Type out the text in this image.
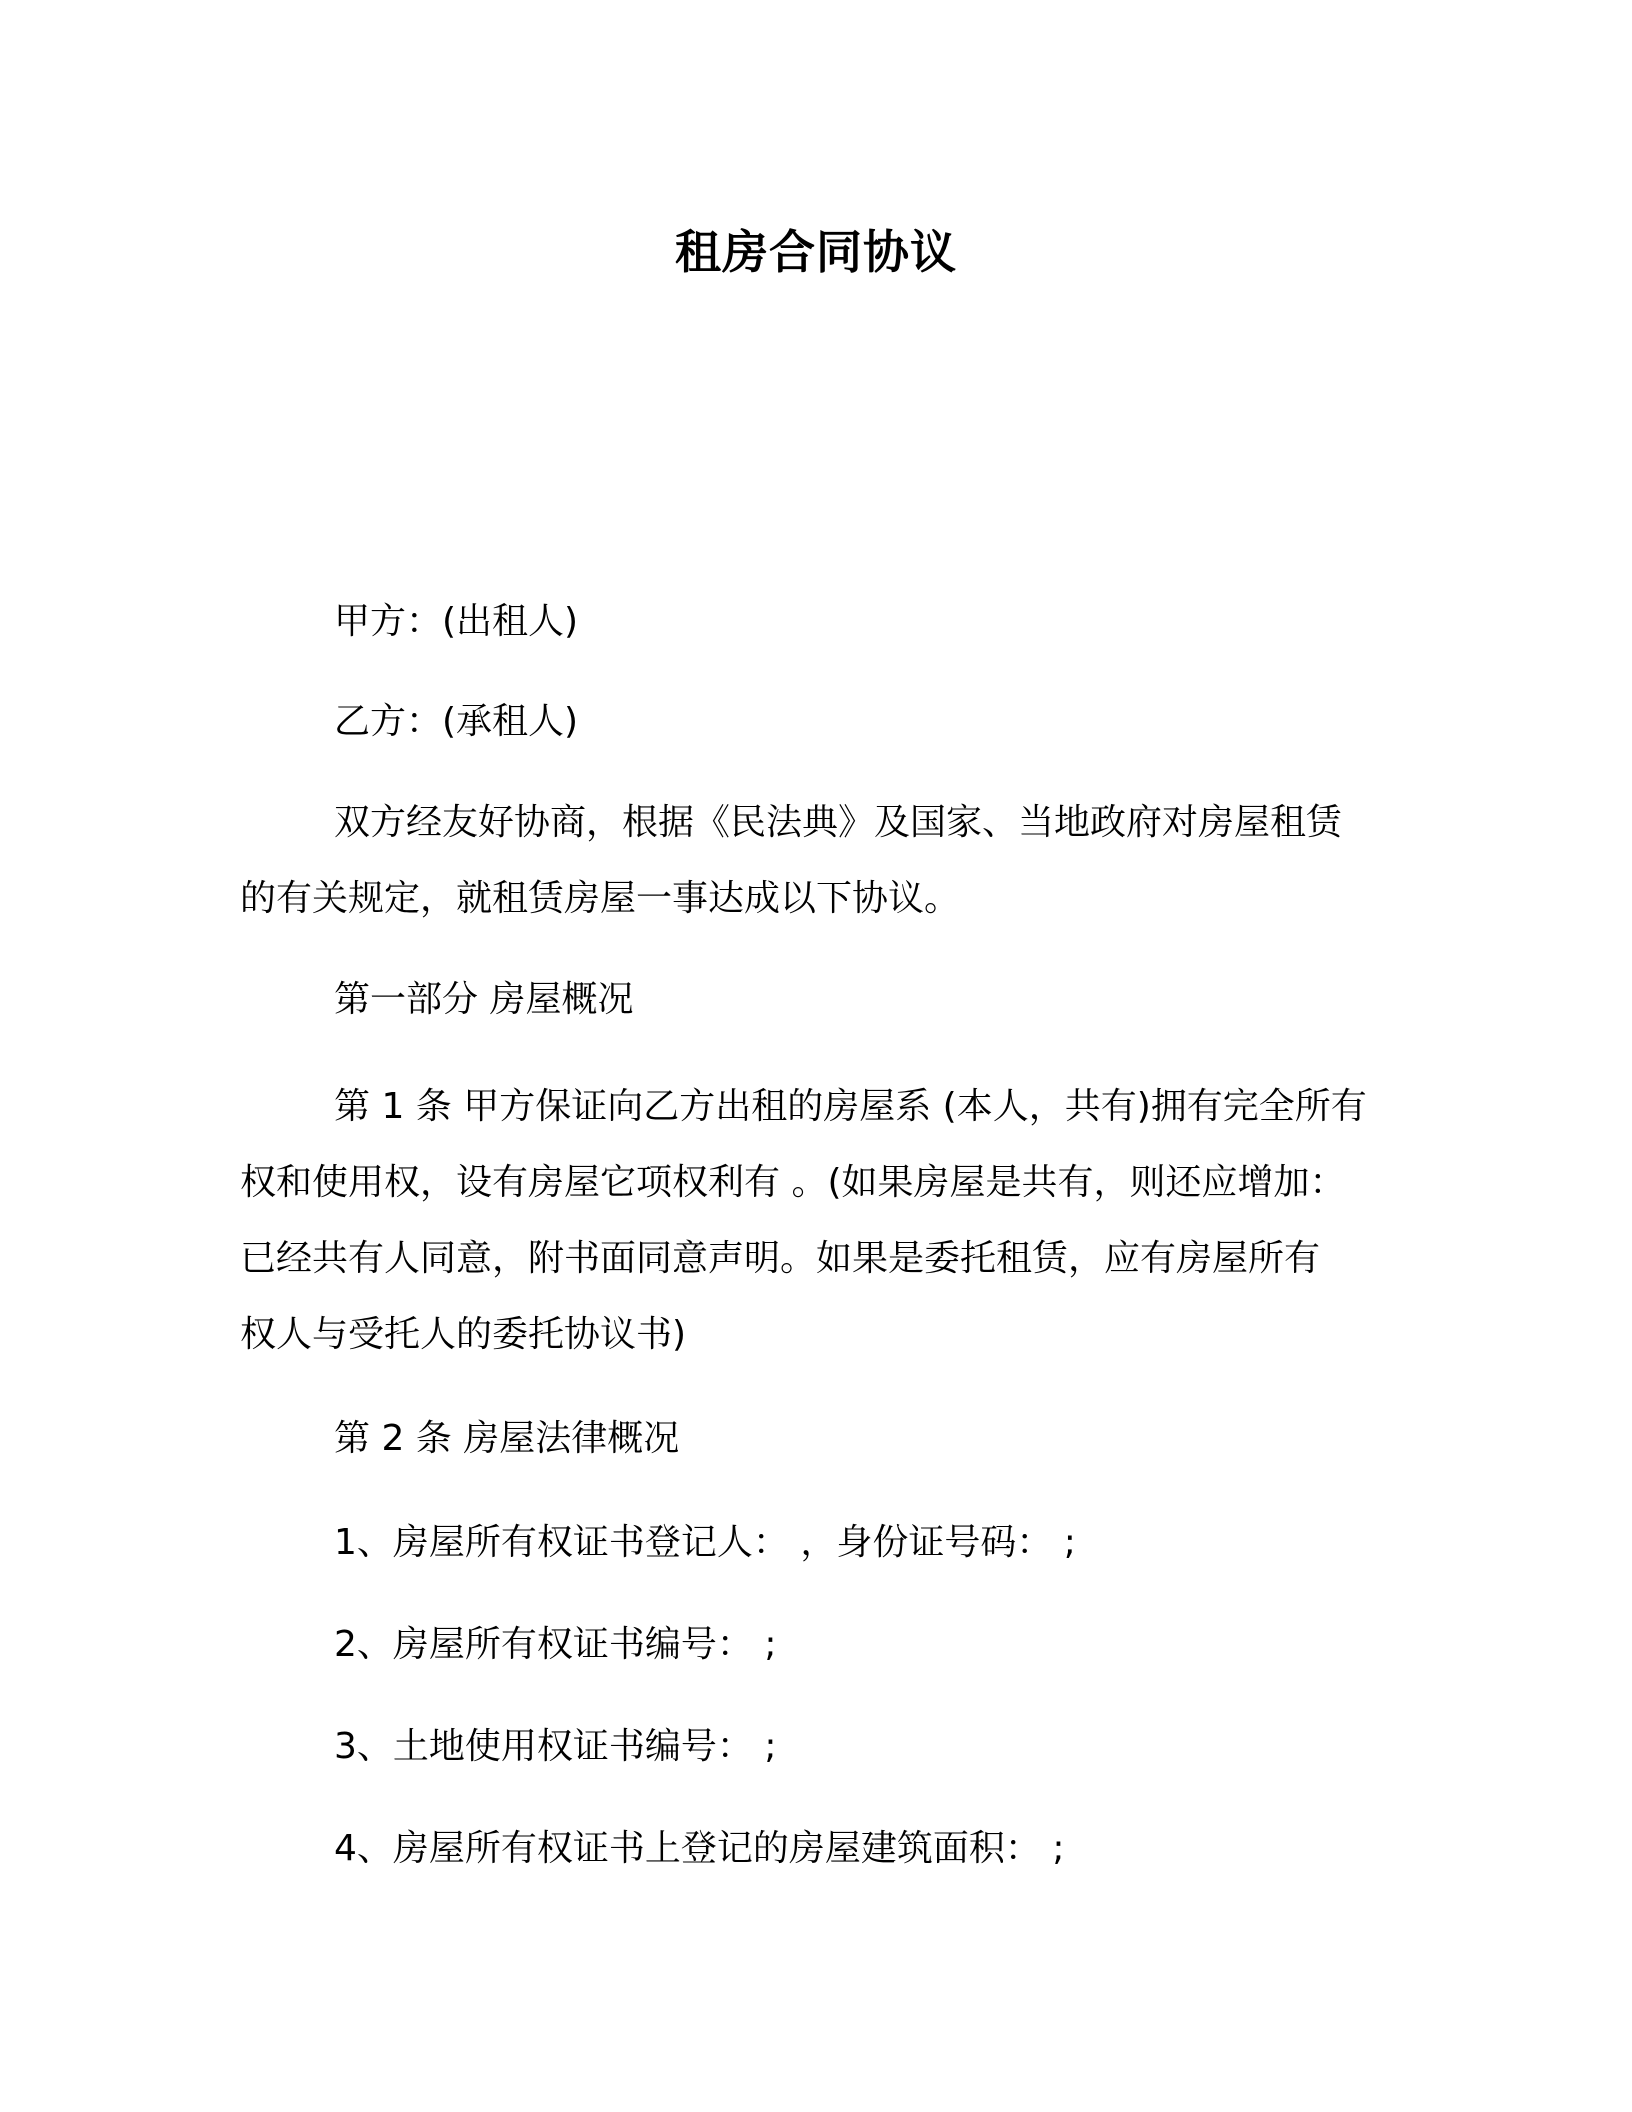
租房合同协议
甲方：(出租人)
乙方：(承租人)
双方经友好协商，根据《民法典》及国家、当地政府对房屋租赁
的有关规定，就租赁房屋一事达成以下协议。
第一部分 房屋概况
第 1 条 甲方保证向乙方出租的房屋系 (本人，共有)拥有完全所有
权和使用权，设有房屋它项权利有 。(如果房屋是共有，则还应增加：
已经共有人同意，附书面同意声明。如果是委托租赁，应有房屋所有
权人与受托人的委托协议书)
第 2 条 房屋法律概况
1、房屋所有权证书登记人： ，身份证号码： ;
2、房屋所有权证书编号： ;
3、土地使用权证书编号： ;
4、房屋所有权证书上登记的房屋建筑面积： ;
